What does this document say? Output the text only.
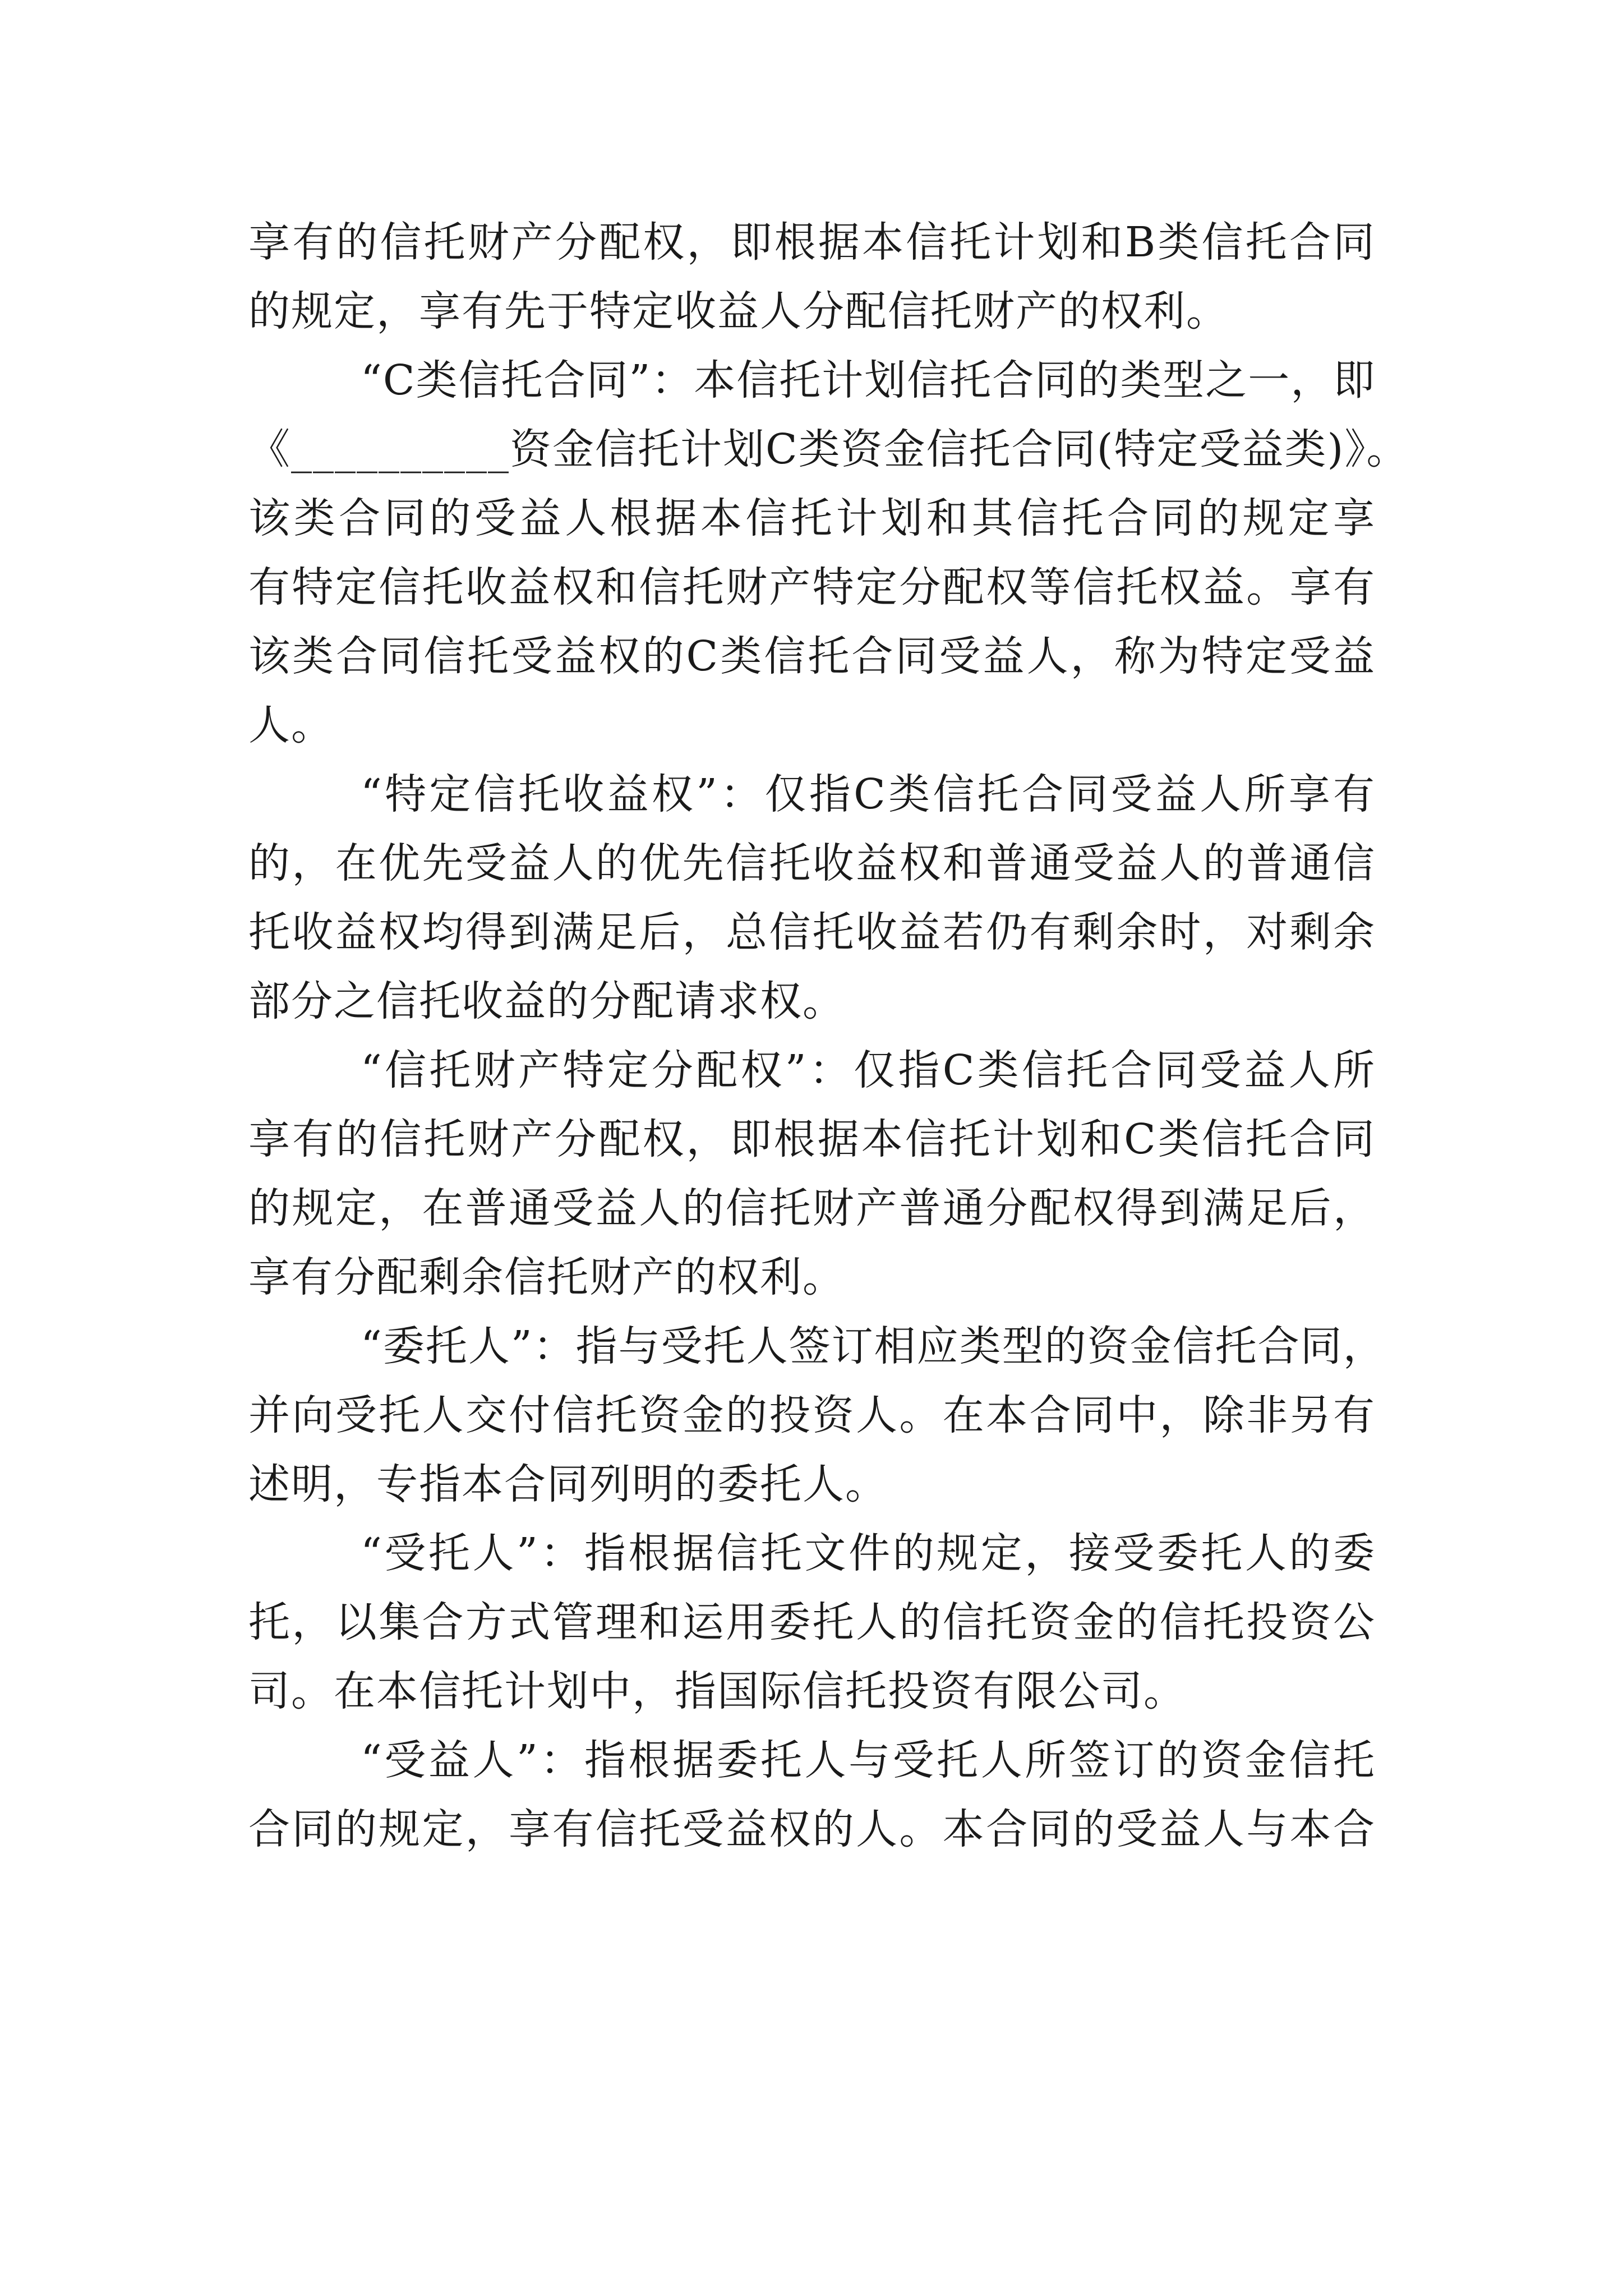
享有的信托财产分配权，即根据本信托计划和B类信托合同
的规定，享有先于特定收益人分配信托财产的权利。
“C类信托合同”：本信托计划信托合同的类型之一，即
《__________资金信托计划C类资金信托合同(特定受益类)》。
该类合同的受益人根据本信托计划和其信托合同的规定享
有特定信托收益权和信托财产特定分配权等信托权益。享有
该类合同信托受益权的C类信托合同受益人，称为特定受益
人。
“特定信托收益权”：仅指C类信托合同受益人所享有
的，在优先受益人的优先信托收益权和普通受益人的普通信
托收益权均得到满足后，总信托收益若仍有剩余时，对剩余
部分之信托收益的分配请求权。
“信托财产特定分配权”：仅指C类信托合同受益人所
享有的信托财产分配权，即根据本信托计划和C类信托合同
的规定，在普通受益人的信托财产普通分配权得到满足后，
享有分配剩余信托财产的权利。
“委托人”：指与受托人签订相应类型的资金信托合同，
并向受托人交付信托资金的投资人。在本合同中，除非另有
述明，专指本合同列明的委托人。
“受托人”：指根据信托文件的规定，接受委托人的委
托，以集合方式管理和运用委托人的信托资金的信托投资公
司。在本信托计划中，指国际信托投资有限公司。
“受益人”：指根据委托人与受托人所签订的资金信托
合同的规定，享有信托受益权的人。本合同的受益人与本合
